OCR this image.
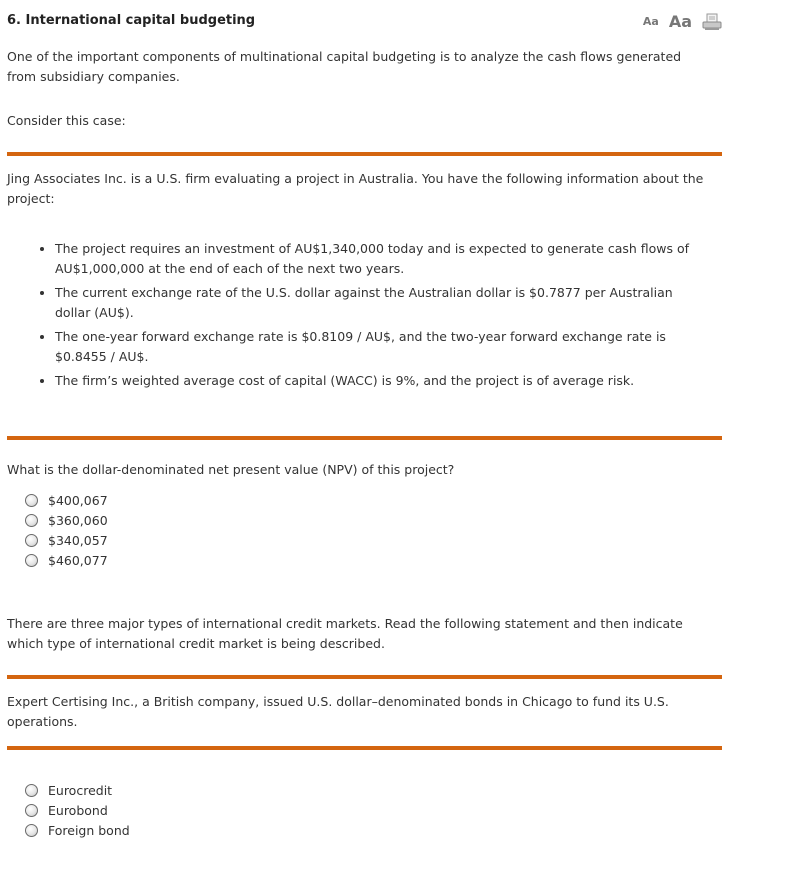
6. International capital budgeting	Aa Aa

One of the important components of multinational capital budgeting is to analyze the cash flows generated from subsidiary companies.

Consider this case:

Jing Associates Inc. is a U.S. firm evaluating a project in Australia. You have the following information about the project:

The project requires an investment of AU$1,340,000 today and is expected to generate cash flows of AU$1,000,000 at the end of each of the next two years.
The current exchange rate of the U.S. dollar against the Australian dollar is $0.7877 per Australian dollar (AU$).
The one-year forward exchange rate is $0.8109 / AU$, and the two-year forward exchange rate is $0.8455 / AU$.
The firm’s weighted average cost of capital (WACC) is 9%, and the project is of average risk.

What is the dollar-denominated net present value (NPV) of this project?

$400,067
$360,060
$340,057
$460,077

There are three major types of international credit markets. Read the following statement and then indicate which type of international credit market is being described.

Expert Certising Inc., a British company, issued U.S. dollar–denominated bonds in Chicago to fund its U.S. operations.

Eurocredit
Eurobond
Foreign bond
